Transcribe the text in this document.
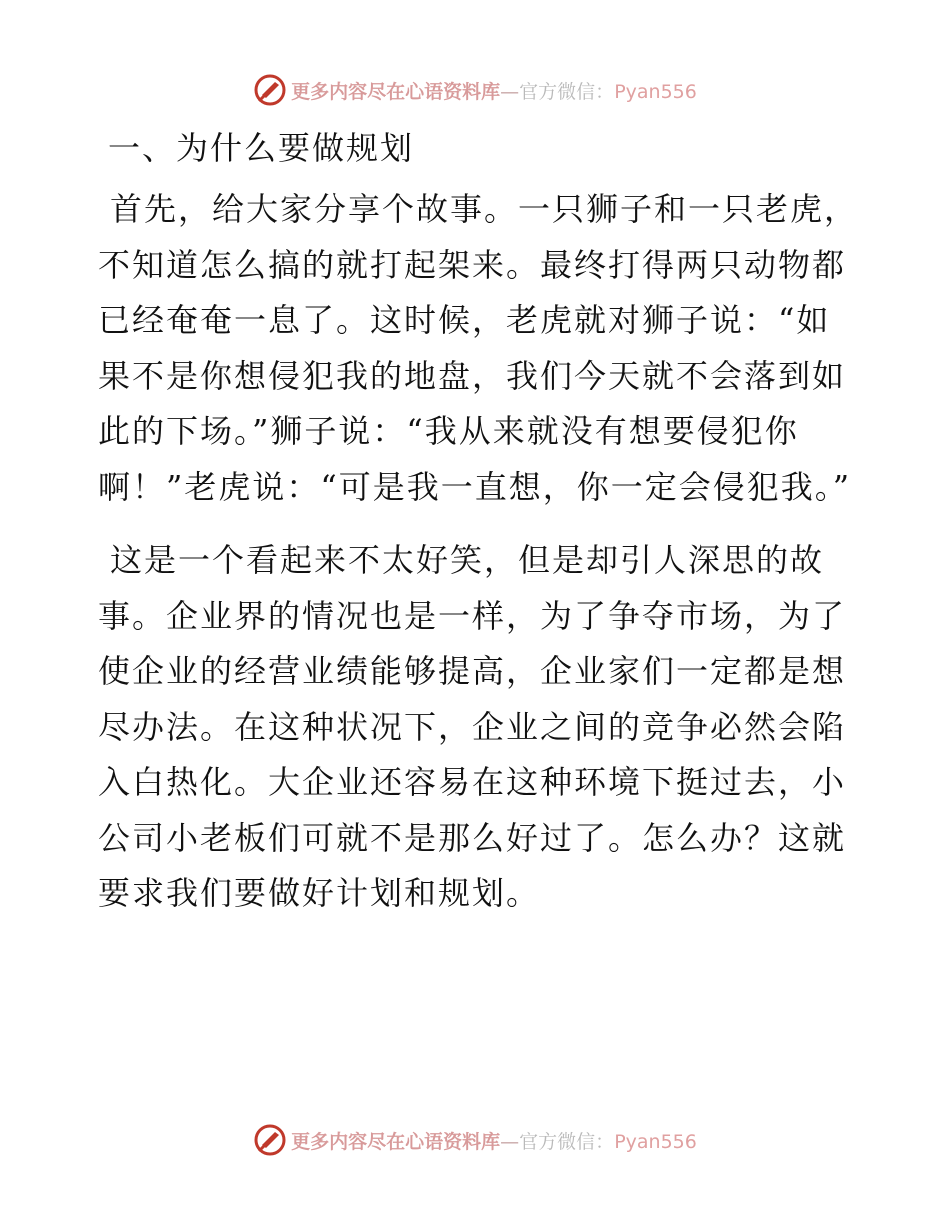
更多内容尽在心语资料库—官方微信：Pyan556
一、为什么要做规划

首先，给大家分享个故事。一只狮子和一只老虎，不知道怎么搞的就打起架来。最终打得两只动物都已经奄奄一息了。这时候，老虎就对狮子说：“如果不是你想侵犯我的地盘，我们今天就不会落到如此的下场。”狮子说：“我从来就没有想要侵犯你啊！”老虎说：“可是我一直想，你一定会侵犯我。”

这是一个看起来不太好笑，但是却引人深思的故事。企业界的情况也是一样，为了争夺市场，为了使企业的经营业绩能够提高，企业家们一定都是想尽办法。在这种状况下，企业之间的竞争必然会陷入白热化。大企业还容易在这种环境下挺过去，小公司小老板们可就不是那么好过了。怎么办？这就要求我们要做好计划和规划。

更多内容尽在心语资料库—官方微信：Pyan556
